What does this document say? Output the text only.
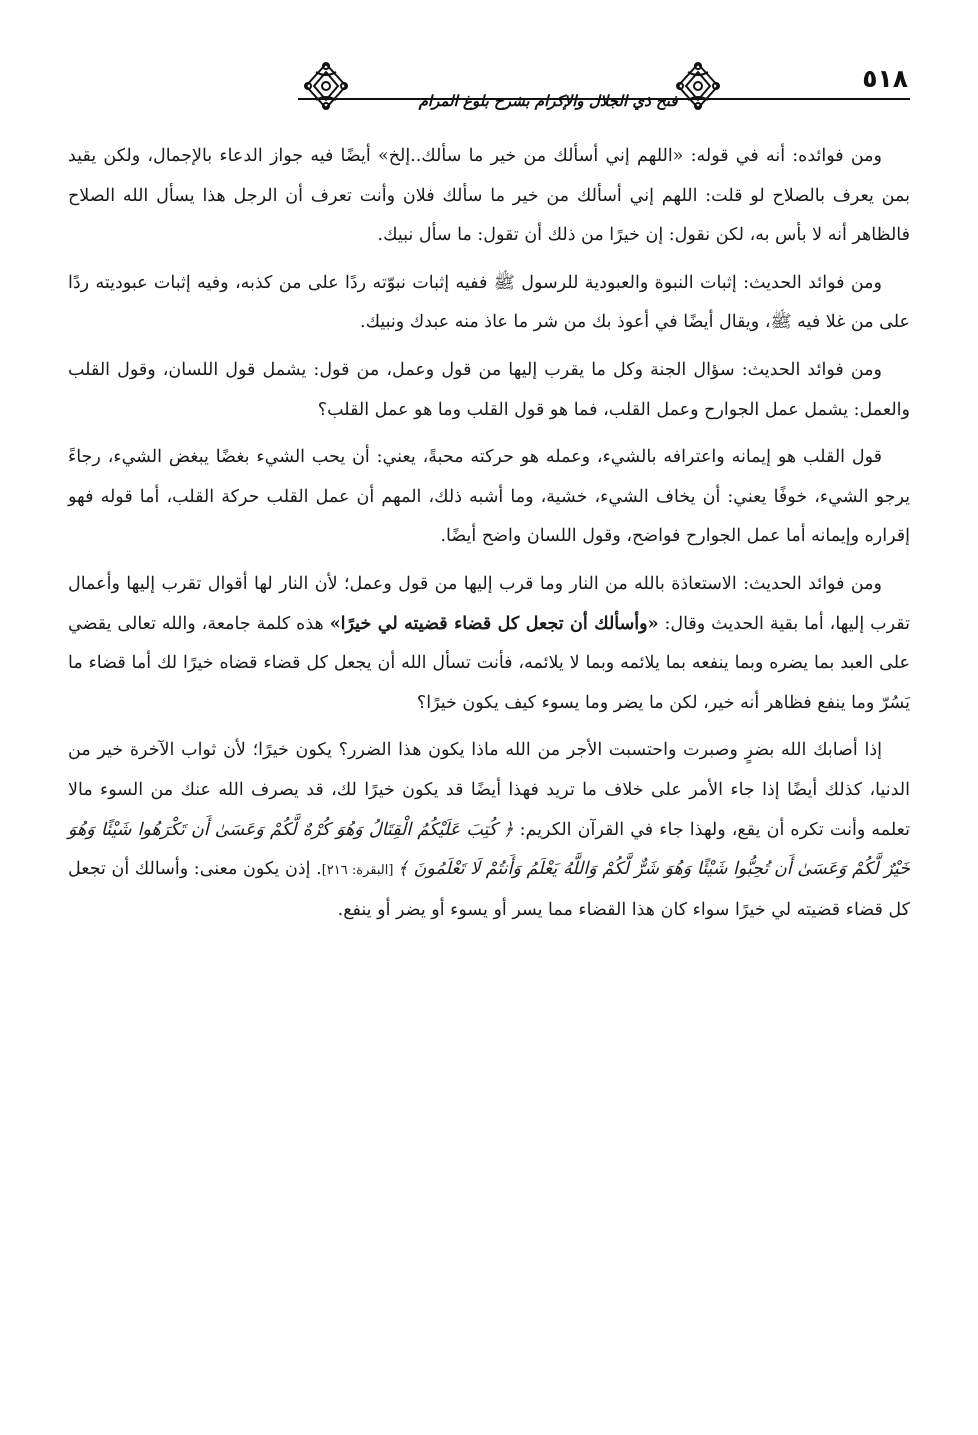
٥١٨
فتح ذي الجلال والإكرام بشرح بلوغ المرام

ومن فوائده: أنه في قوله: «اللهم إني أسألك من خير ما سألك..إلخ» أيضًا فيه جواز الدعاء بالإجمال، ولكن يقيد بمن يعرف بالصلاح لو قلت: اللهم إني أسألك من خير ما سألك فلان وأنت تعرف أن الرجل هذا يسأل الله الصلاح فالظاهر أنه لا بأس به، لكن نقول: إن خيرًا من ذلك أن تقول: ما سأل نبيك.

ومن فوائد الحديث: إثبات النبوة والعبودية للرسول ﷺ ففيه إثبات نبوّته ردًا على من كذبه، وفيه إثبات عبوديته ردًا على من غلا فيه ﷺ، ويقال أيضًا في أعوذ بك من شر ما عاذ منه عبدك ونبيك.

ومن فوائد الحديث: سؤال الجنة وكل ما يقرب إليها من قول وعمل، من قول: يشمل قول اللسان، وقول القلب والعمل: يشمل عمل الجوارح وعمل القلب، فما هو قول القلب وما هو عمل القلب؟

قول القلب هو إيمانه واعترافه بالشيء، وعمله هو حركته محبةً، يعني: أن يحب الشيء بغضًا يبغض الشيء، رجاءً يرجو الشيء، خوفًا يعني: أن يخاف الشيء، خشية، وما أشبه ذلك، المهم أن عمل القلب حركة القلب، أما قوله فهو إقراره وإيمانه أما عمل الجوارح فواضح، وقول اللسان واضح أيضًا.

ومن فوائد الحديث: الاستعاذة بالله من النار وما قرب إليها من قول وعمل؛ لأن النار لها أقوال تقرب إليها وأعمال تقرب إليها، أما بقية الحديث وقال: «وأسألك أن تجعل كل قضاء قضيته لي خيرًا» هذه كلمة جامعة، والله تعالى يقضي على العبد بما يضره وبما ينفعه بما يلائمه وبما لا يلائمه، فأنت تسأل الله أن يجعل كل قضاء قضاه خيرًا لك أما قضاء ما يَسُرّ وما ينفع فظاهر أنه خير، لكن ما يضر وما يسوء كيف يكون خيرًا؟

إذا أصابك الله بضرٍ وصبرت واحتسبت الأجر من الله ماذا يكون هذا الضرر؟ يكون خيرًا؛ لأن ثواب الآخرة خير من الدنيا، كذلك أيضًا إذا جاء الأمر على خلاف ما تريد فهذا أيضًا قد يكون خيرًا لك، قد يصرف الله عنك من السوء مالا تعلمه وأنت تكره أن يقع، ولهذا جاء في القرآن الكريم: ﴿ كُتِبَ عَلَيْكُمُ الْقِتَالُ وَهُوَ كُرْهٌ لَّكُمْ وَعَسَىٰ أَن تَكْرَهُوا شَيْئًا وَهُوَ خَيْرٌ لَّكُمْ وَعَسَىٰ أَن تُحِبُّوا شَيْئًا وَهُوَ شَرٌّ لَّكُمْ وَاللَّهُ يَعْلَمُ وَأَنتُمْ لَا تَعْلَمُونَ ﴾ [البقرة: ٢١٦]. إذن يكون معنى: وأسالك أن تجعل كل قضاء قضيته لي خيرًا سواء كان هذا القضاء مما يسر أو يسوء أو يضر أو ينفع.
